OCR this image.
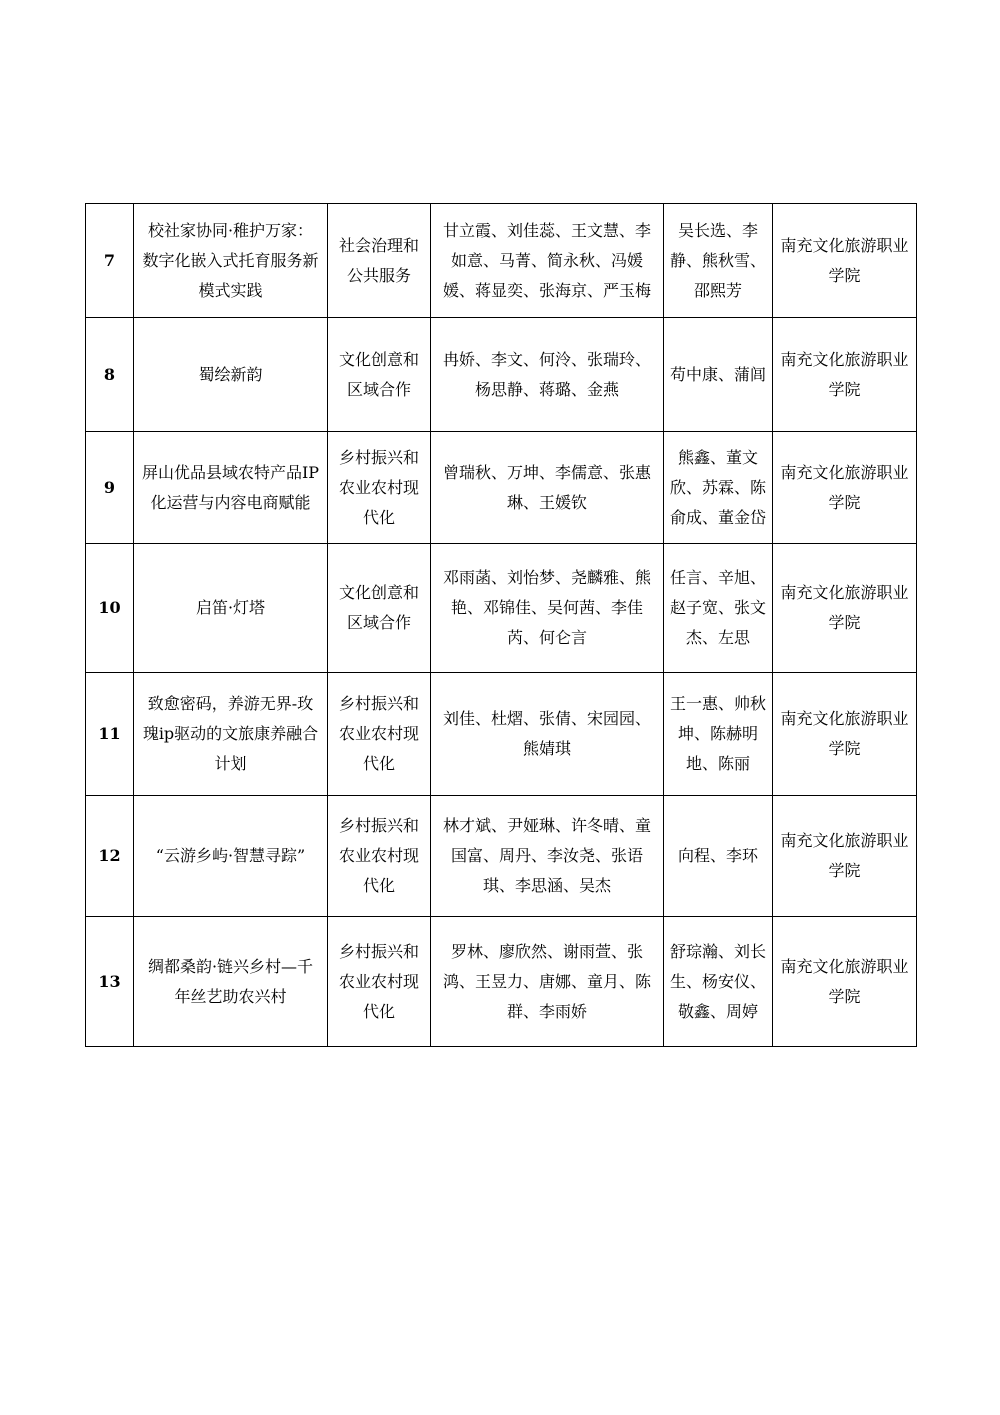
7	校社家协同·稚护万家：数字化嵌入式托育服务新模式实践	社会治理和公共服务	甘立霞、刘佳蕊、王文慧、李如意、马菁、简永秋、冯媛媛、蒋显奕、张海京、严玉梅	吴长选、李静、熊秋雪、邵熙芳	南充文化旅游职业学院
8	蜀绘新韵	文化创意和区域合作	冉娇、李文、何泠、张瑞玲、杨思静、蒋璐、金燕	苟中康、蒲闾	南充文化旅游职业学院
9	屏山优品县域农特产品IP化运营与内容电商赋能	乡村振兴和农业农村现代化	曾瑞秋、万坤、李儒意、张惠琳、王媛钦	熊鑫、董文欣、苏霖、陈俞成、董金岱	南充文化旅游职业学院
10	启笛·灯塔	文化创意和区域合作	邓雨菡、刘怡梦、尧麟雅、熊艳、邓锦佳、吴何茜、李佳芮、何仑言	任言、辛旭、赵子宽、张文杰、左思	南充文化旅游职业学院
11	致愈密码，养游无界-玫瑰ip驱动的文旅康养融合计划	乡村振兴和农业农村现代化	刘佳、杜熠、张倩、宋园园、熊婧琪	王一惠、帅秋坤、陈赫明地、陈丽	南充文化旅游职业学院
12	“云游乡屿·智慧寻踪”	乡村振兴和农业农村现代化	林才斌、尹娅琳、许冬晴、童国富、周丹、李汝尧、张语琪、李思涵、吴杰	向程、李环	南充文化旅游职业学院
13	绸都桑韵·链兴乡村—千年丝艺助农兴村	乡村振兴和农业农村现代化	罗林、廖欣然、谢雨萱、张鸿、王昱力、唐娜、童月、陈群、李雨娇	舒琮瀚、刘长生、杨安仪、敬鑫、周婷	南充文化旅游职业学院
